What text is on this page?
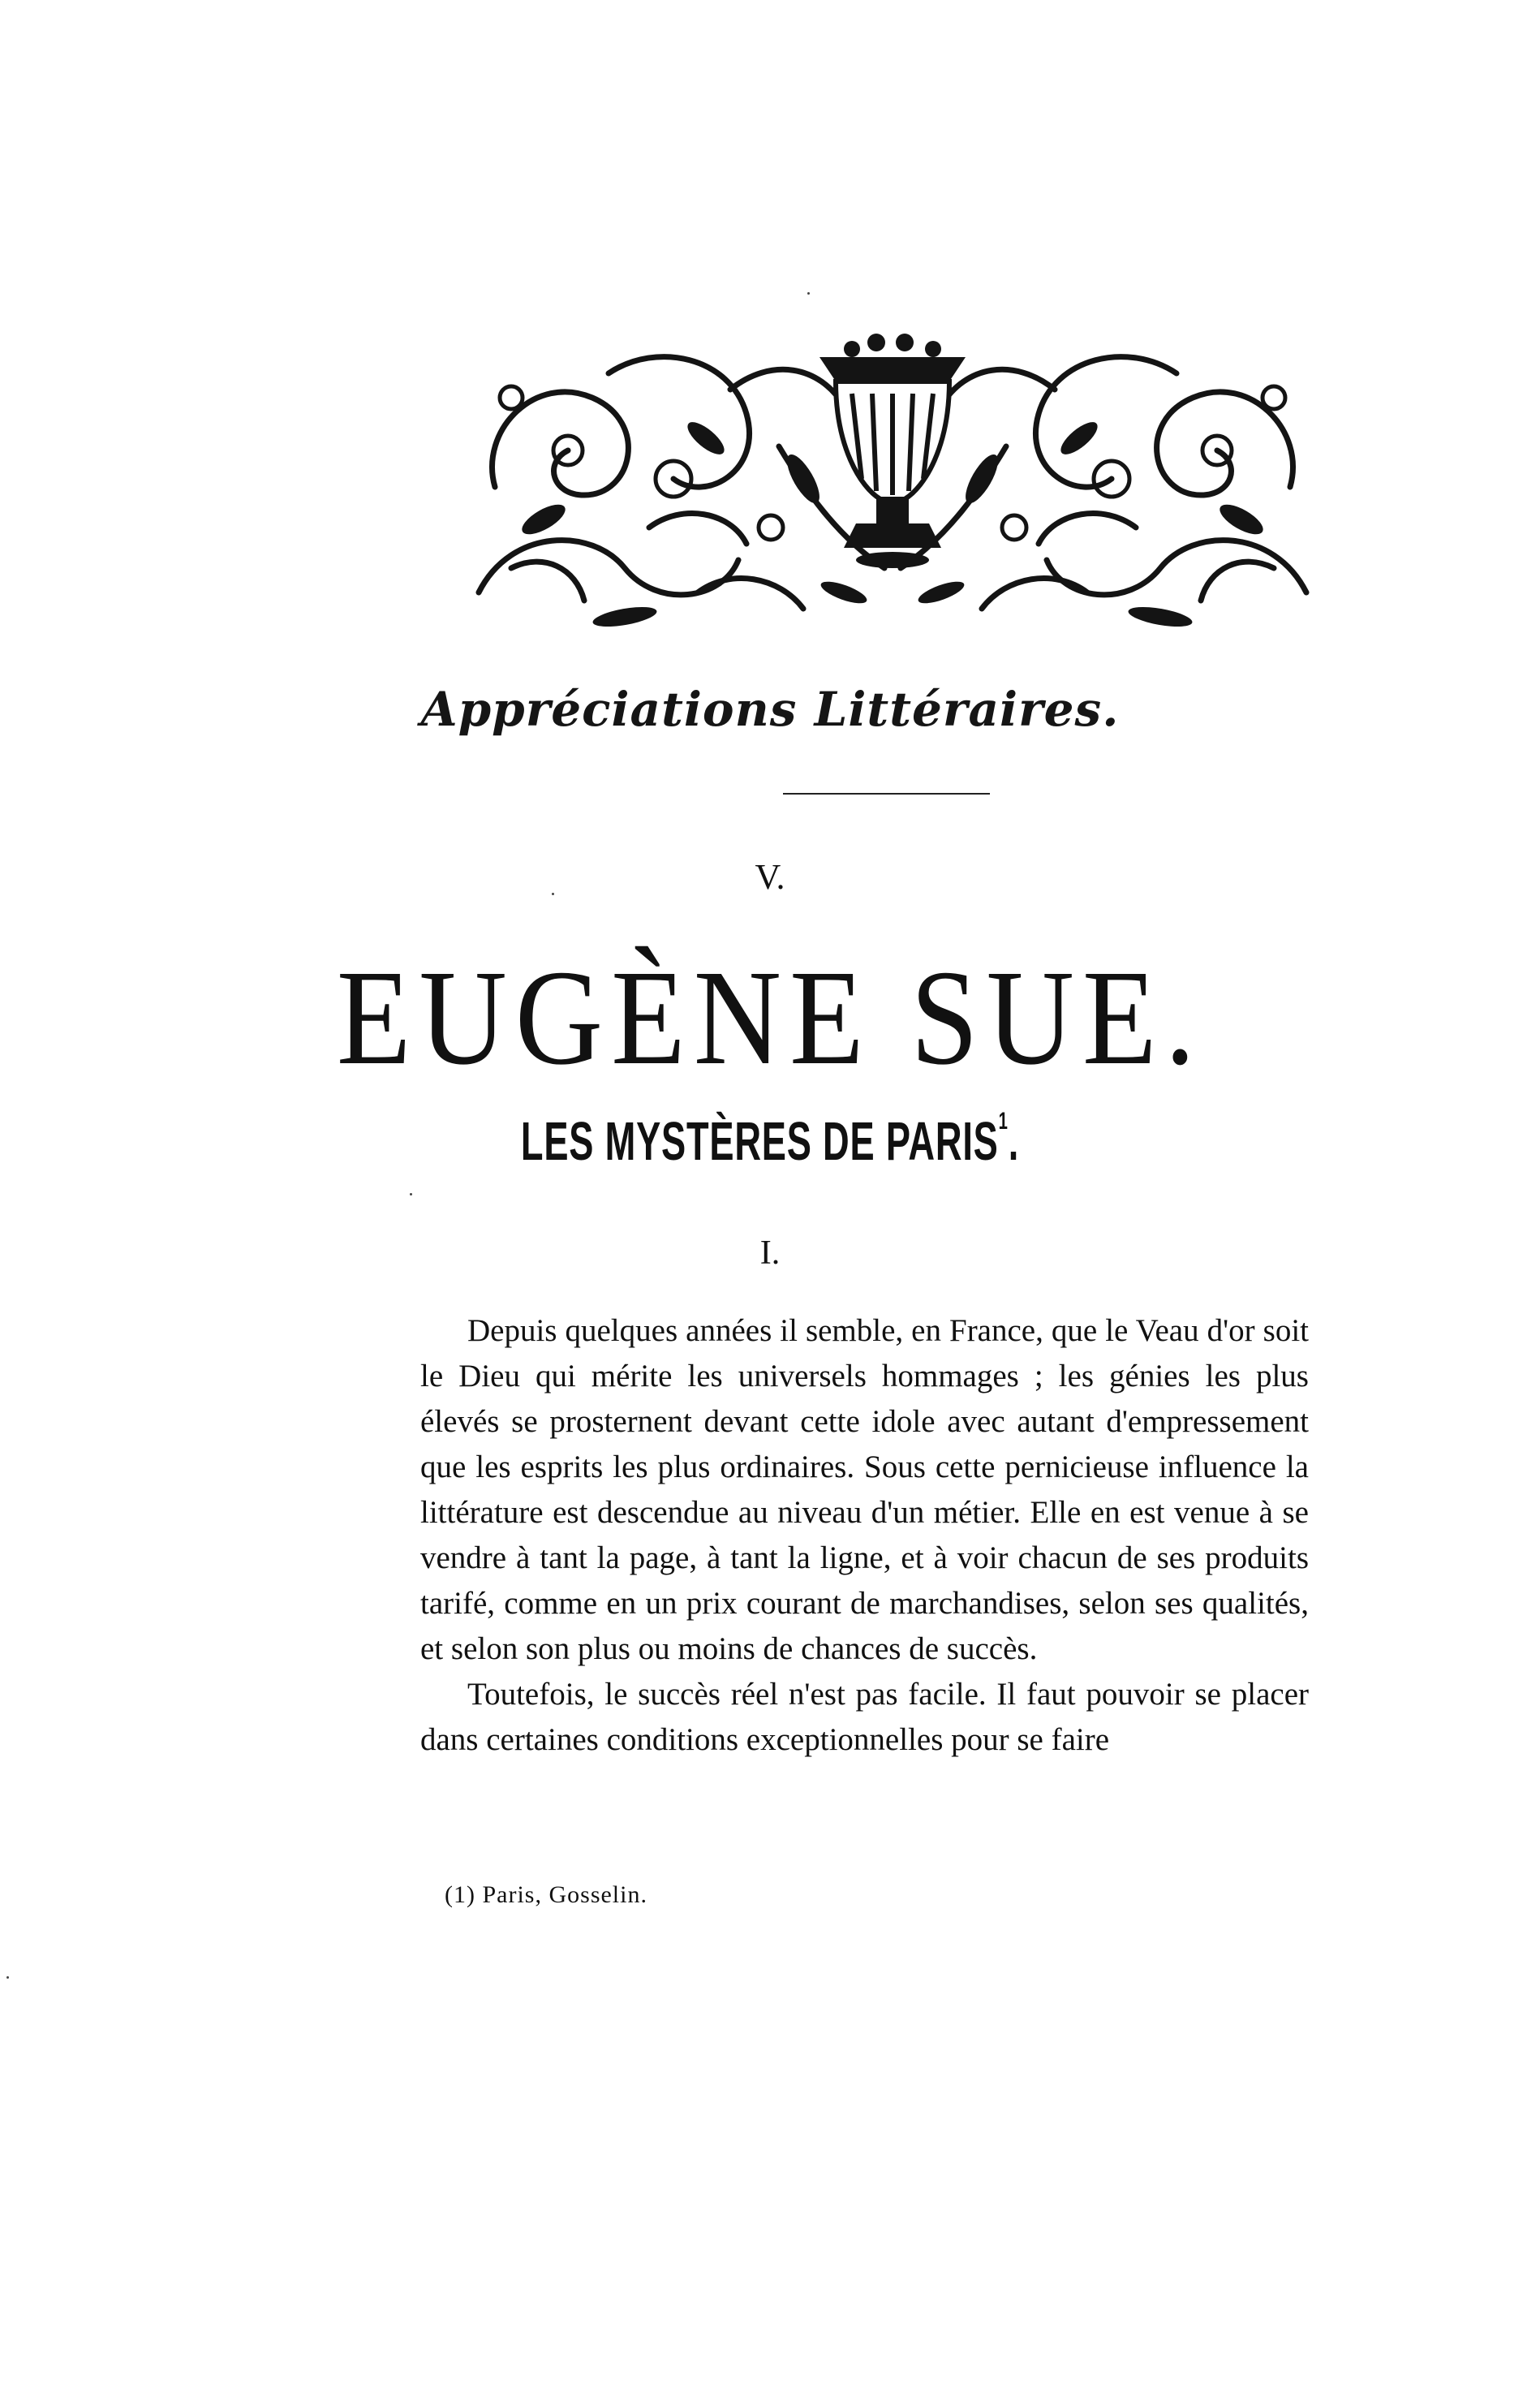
Appréciations Littéraires.
V.
EUGÈNE SUE.
LES MYSTÈRES DE PARIS$^1$.
I.

Depuis quelques années il semble, en France, que le Veau d'or soit le Dieu qui mérite les universels hommages ; les génies les plus élevés se prosternent devant cette idole avec autant d'empressement que les esprits les plus ordinaires. Sous cette pernicieuse influence la littérature est descendue au niveau d'un métier. Elle en est venue à se vendre à tant la page, à tant la ligne, et à voir chacun de ses produits tarifé, comme en un prix courant de marchandises, selon ses qualités, et selon son plus ou moins de chances de succès.

Toutefois, le succès réel n'est pas facile. Il faut pouvoir se placer dans certaines conditions exceptionnelles pour se faire

(1) Paris, Gosselin.
